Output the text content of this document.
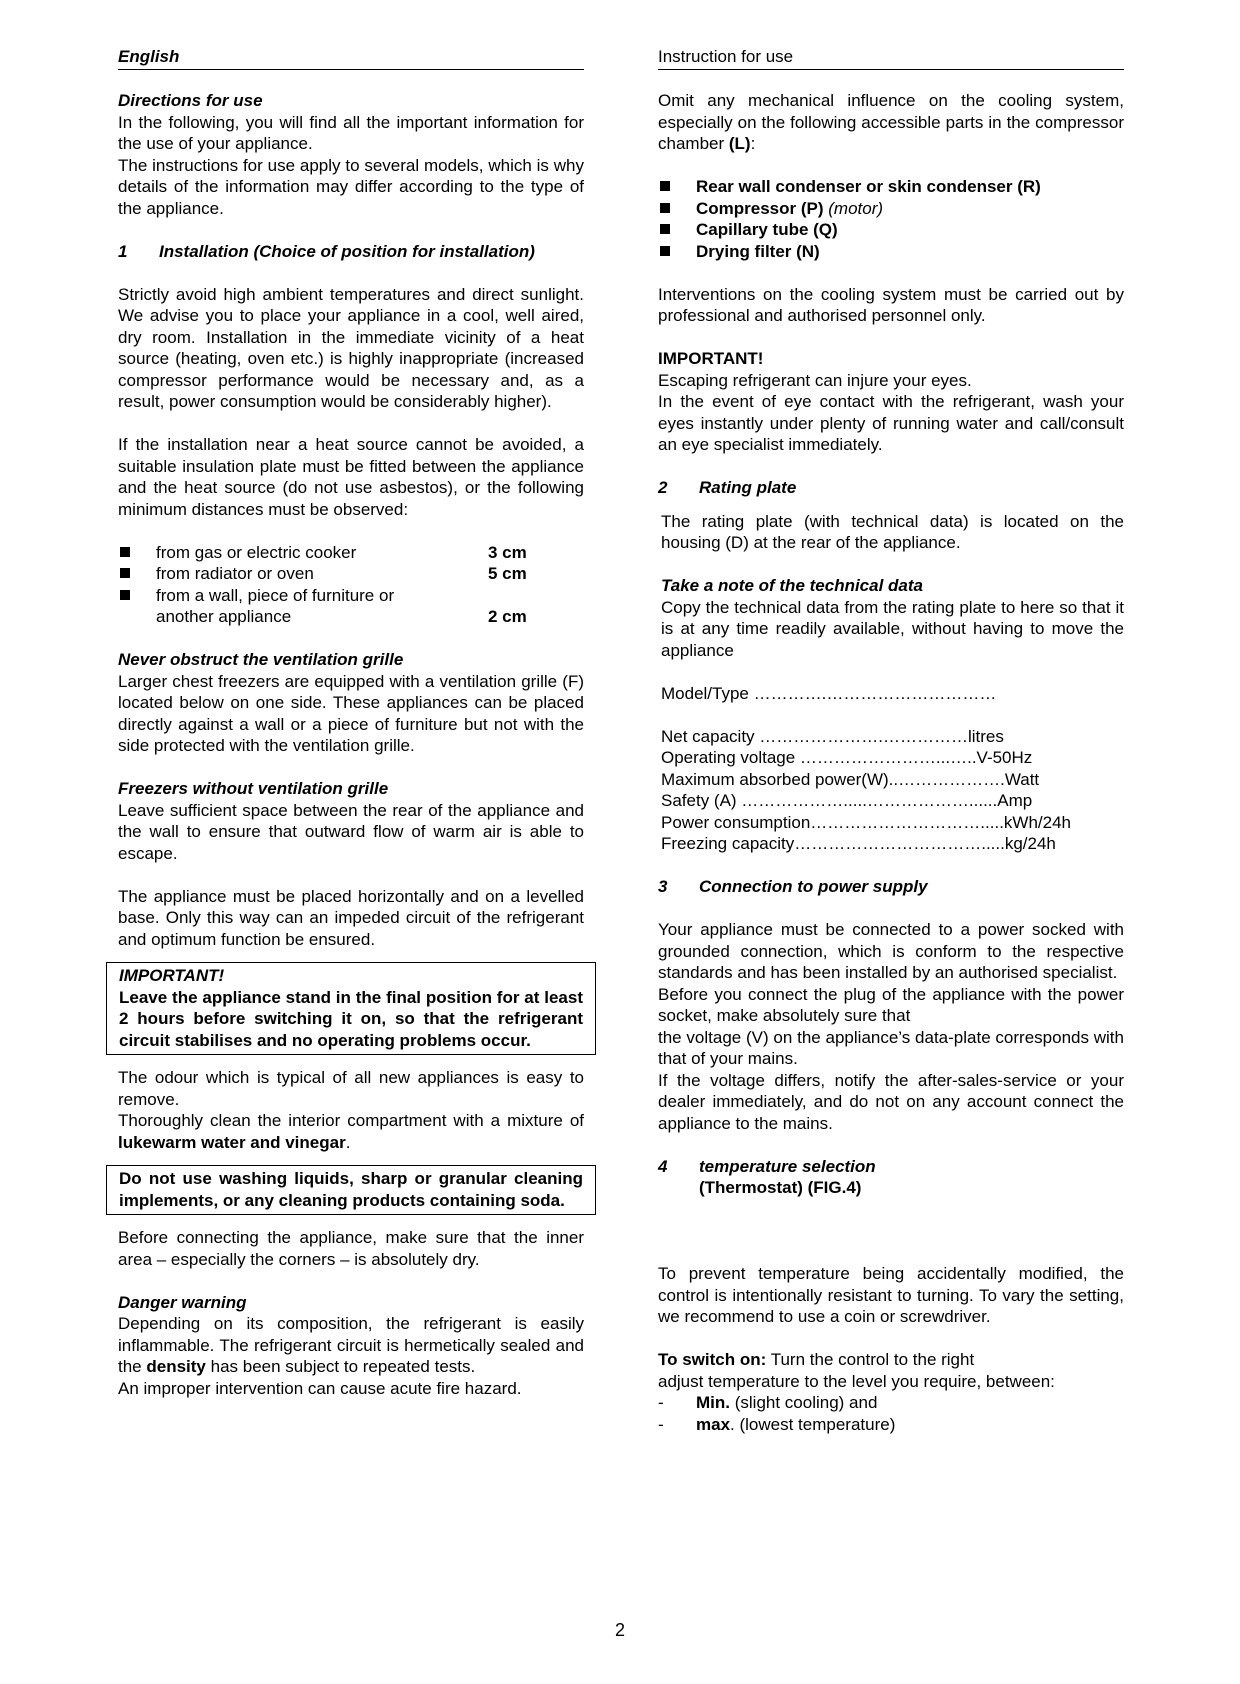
English

Directions for use

In the following, you will find all the important information for the use of your appliance.

The instructions for use apply to several models, which is why details of the information may differ according to the type of the appliance.

1	Installation (Choice of position for installation)

Strictly avoid high ambient temperatures and direct sunlight. We advise you to place your appliance in a cool, well aired, dry room. Installation in the immediate vicinity of a heat source (heating, oven etc.) is highly inappropriate (increased compressor performance would be necessary and, as a result, power consumption would be considerably higher).

If the installation near a heat source cannot be avoided, a suitable insulation plate must be fitted between the appliance and the heat source (do not use asbestos), or the following minimum distances must be observed:

from gas or electric cooker	3 cm
from radiator or oven	5 cm
from a wall, piece of furniture or
another appliance	2 cm

Never obstruct the ventilation grille

Larger chest freezers are equipped with a ventilation grille (F) located below on one side. These appliances can be placed directly against a wall or a piece of furniture but not with the side protected with the ventilation grille.

Freezers without ventilation grille

Leave sufficient space between the rear of the appliance and the wall to ensure that outward flow of warm air is able to escape.

The appliance must be placed horizontally and on a levelled base. Only this way can an impeded circuit of the refrigerant and optimum function be ensured.

IMPORTANT!

Leave the appliance stand in the final position for at least 2 hours before switching it on, so that the refrigerant circuit stabilises and no operating problems occur.

The odour which is typical of all new appliances is easy to remove.

Thoroughly clean the interior compartment with a mixture of lukewarm water and vinegar.

Do not use washing liquids, sharp or granular cleaning implements, or any cleaning products containing soda.

Before connecting the appliance, make sure that the inner area – especially the corners – is absolutely dry.

Danger warning

Depending on its composition, the refrigerant is easily inflammable. The refrigerant circuit is hermetically sealed and the density has been subject to repeated tests.

An improper intervention can cause acute fire hazard.

Instruction for use

Omit any mechanical influence on the cooling system, especially on the following accessible parts in the compressor chamber (L):

Rear wall condenser or skin condenser (R)
Compressor (P) (motor)
Capillary tube (Q)
Drying filter (N)

Interventions on the cooling system must be carried out by professional and authorised personnel only.

IMPORTANT!

Escaping refrigerant can injure your eyes.

In the event of eye contact with the refrigerant, wash your eyes instantly under plenty of running water and call/consult an eye specialist immediately.

2	Rating plate

The rating plate (with technical data) is located on the housing (D) at the rear of the appliance.

Take a note of the technical data

Copy the technical data from the rating plate to here so that it is at any time readily available, without having to move the appliance

Model/Type ………….…………………………

Net capacity ………………….……………litres

Operating voltage ……………………...…..V-50Hz

Maximum absorbed power(W)..……………….Watt

Safety (A) ……………….....………………......Amp

Power consumption………………………….....kWh/24h

Freezing capacity…………………………….....kg/24h

3	Connection to power supply

Your appliance must be connected to a power socked with grounded connection, which is conform to the respective standards and has been installed by an authorised specialist.

Before you connect the plug of the appliance with the power socket, make absolutely sure that

the voltage (V) on the appliance’s data-plate corresponds with that of your mains.

If the voltage differs, notify the after-sales-service or your dealer immediately, and do not on any account connect the appliance to the mains.

4	temperature selection
(Thermostat) (FIG.4)

To prevent temperature being accidentally modified, the control is intentionally resistant to turning. To vary the setting, we recommend to use a coin or screwdriver.

To switch on: Turn the control to the right

adjust temperature to the level you require, between:

-	Min. (slight cooling) and
-	max. (lowest temperature)
2
